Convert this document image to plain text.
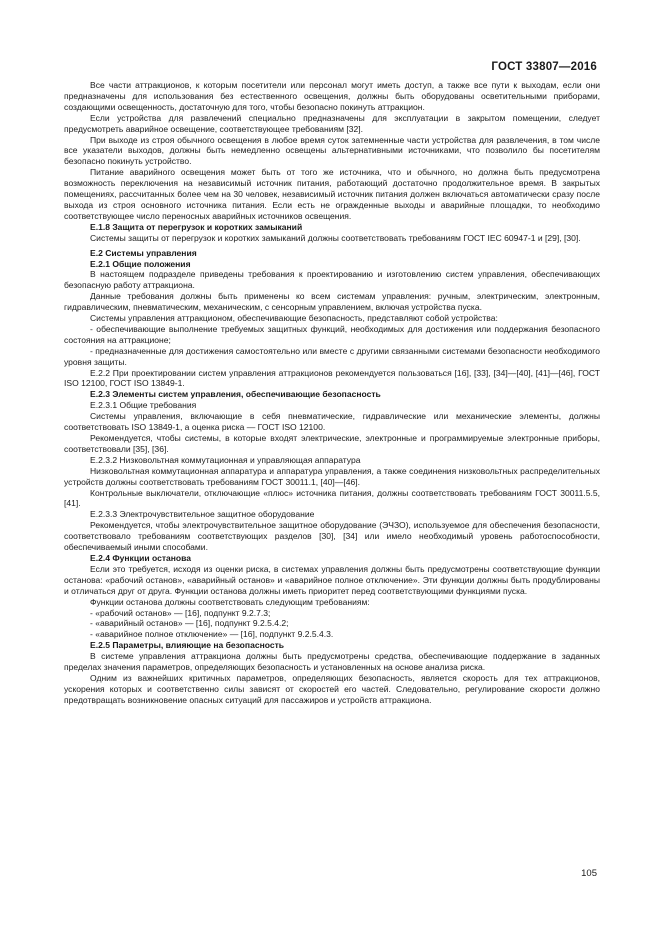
ГОСТ 33807—2016

Все части аттракционов, к которым посетители или персонал могут иметь доступ, а также все пути к выходам, если они предназначены для использования без естественного освещения, должны быть оборудованы осветительными приборами, создающими освещенность, достаточную для того, чтобы безопасно покинуть аттракцион.

Если устройства для развлечений специально предназначены для эксплуатации в закрытом помещении, следует предусмотреть аварийное освещение, соответствующее требованиям [32].

При выходе из строя обычного освещения в любое время суток затемненные части устройства для развлечения, в том числе все указатели выходов, должны быть немедленно освещены альтернативными источниками, что позволило бы посетителям безопасно покинуть устройство.

Питание аварийного освещения может быть от того же источника, что и обычного, но должна быть предусмотрена возможность переключения на независимый источник питания, работающий достаточно продолжительное время. В закрытых помещениях, рассчитанных более чем на 30 человек, независимый источник питания должен включаться автоматически сразу после выхода из строя основного источника питания. Если есть не огражденные выходы и аварийные площадки, то необходимо соответствующее число переносных аварийных источников освещения.

Е.1.8 Защита от перегрузок и коротких замыканий

Системы защиты от перегрузок и коротких замыканий должны соответствовать требованиям ГОСТ IEC 60947-1 и [29], [30].

Е.2 Системы управления

Е.2.1 Общие положения

В настоящем подразделе приведены требования к проектированию и изготовлению систем управления, обеспечивающих безопасную работу аттракциона.

Данные требования должны быть применены ко всем системам управления: ручным, электрическим, электронным, гидравлическим, пневматическим, механическим, с сенсорным управлением, включая устройства пуска.

Системы управления аттракционом, обеспечивающие безопасность, представляют собой устройства:

- обеспечивающие выполнение требуемых защитных функций, необходимых для достижения или поддержания безопасного состояния на аттракционе;

- предназначенные для достижения самостоятельно или вместе с другими связанными системами безопасности необходимого уровня защиты.

Е.2.2 При проектировании систем управления аттракционов рекомендуется пользоваться [16], [33], [34]—[40], [41]—[46], ГОСТ ISO 12100, ГОСТ ISO 13849-1.

Е.2.3 Элементы систем управления, обеспечивающие безопасность

Е.2.3.1 Общие требования

Системы управления, включающие в себя пневматические, гидравлические или механические элементы, должны соответствовать ISO 13849-1, а оценка риска — ГОСТ ISO 12100.

Рекомендуется, чтобы системы, в которые входят электрические, электронные и программируемые электронные приборы, соответствовали [35], [36].

Е.2.3.2 Низковольтная коммутационная и управляющая аппаратура

Низковольтная коммутационная аппаратура и аппаратура управления, а также соединения низковольтных распределительных устройств должны соответствовать требованиям ГОСТ 30011.1, [40]—[46].

Контрольные выключатели, отключающие «плюс» источника питания, должны соответствовать требованиям ГОСТ 30011.5.5, [41].

Е.2.3.3 Электрочувствительное защитное оборудование

Рекомендуется, чтобы электрочувствительное защитное оборудование (ЭЧЗО), используемое для обеспечения безопасности, соответствовало требованиям соответствующих разделов [30], [34] или имело необходимый уровень работоспособности, обеспечиваемый иными способами.

Е.2.4 Функции останова

Если это требуется, исходя из оценки риска, в системах управления должны быть предусмотрены соответствующие функции останова: «рабочий останов», «аварийный останов» и «аварийное полное отключение». Эти функции должны быть продублированы и отличаться друг от друга. Функции останова должны иметь приоритет перед соответствующими функциями пуска.

Функции останова должны соответствовать следующим требованиям:

- «рабочий останов» — [16], подпункт 9.2.7.3;

- «аварийный останов» — [16], подпункт 9.2.5.4.2;

- «аварийное полное отключение» — [16], подпункт 9.2.5.4.3.

Е.2.5 Параметры, влияющие на безопасность

В системе управления аттракциона должны быть предусмотрены средства, обеспечивающие поддержание в заданных пределах значения параметров, определяющих безопасность и установленных на основе анализа риска.

Одним из важнейших критичных параметров, определяющих безопасность, является скорость для тех аттракционов, ускорения которых и соответственно силы зависят от скоростей его частей. Следовательно, регулирование скорости должно предотвращать возникновение опасных ситуаций для пассажиров и устройств аттракциона.

105
